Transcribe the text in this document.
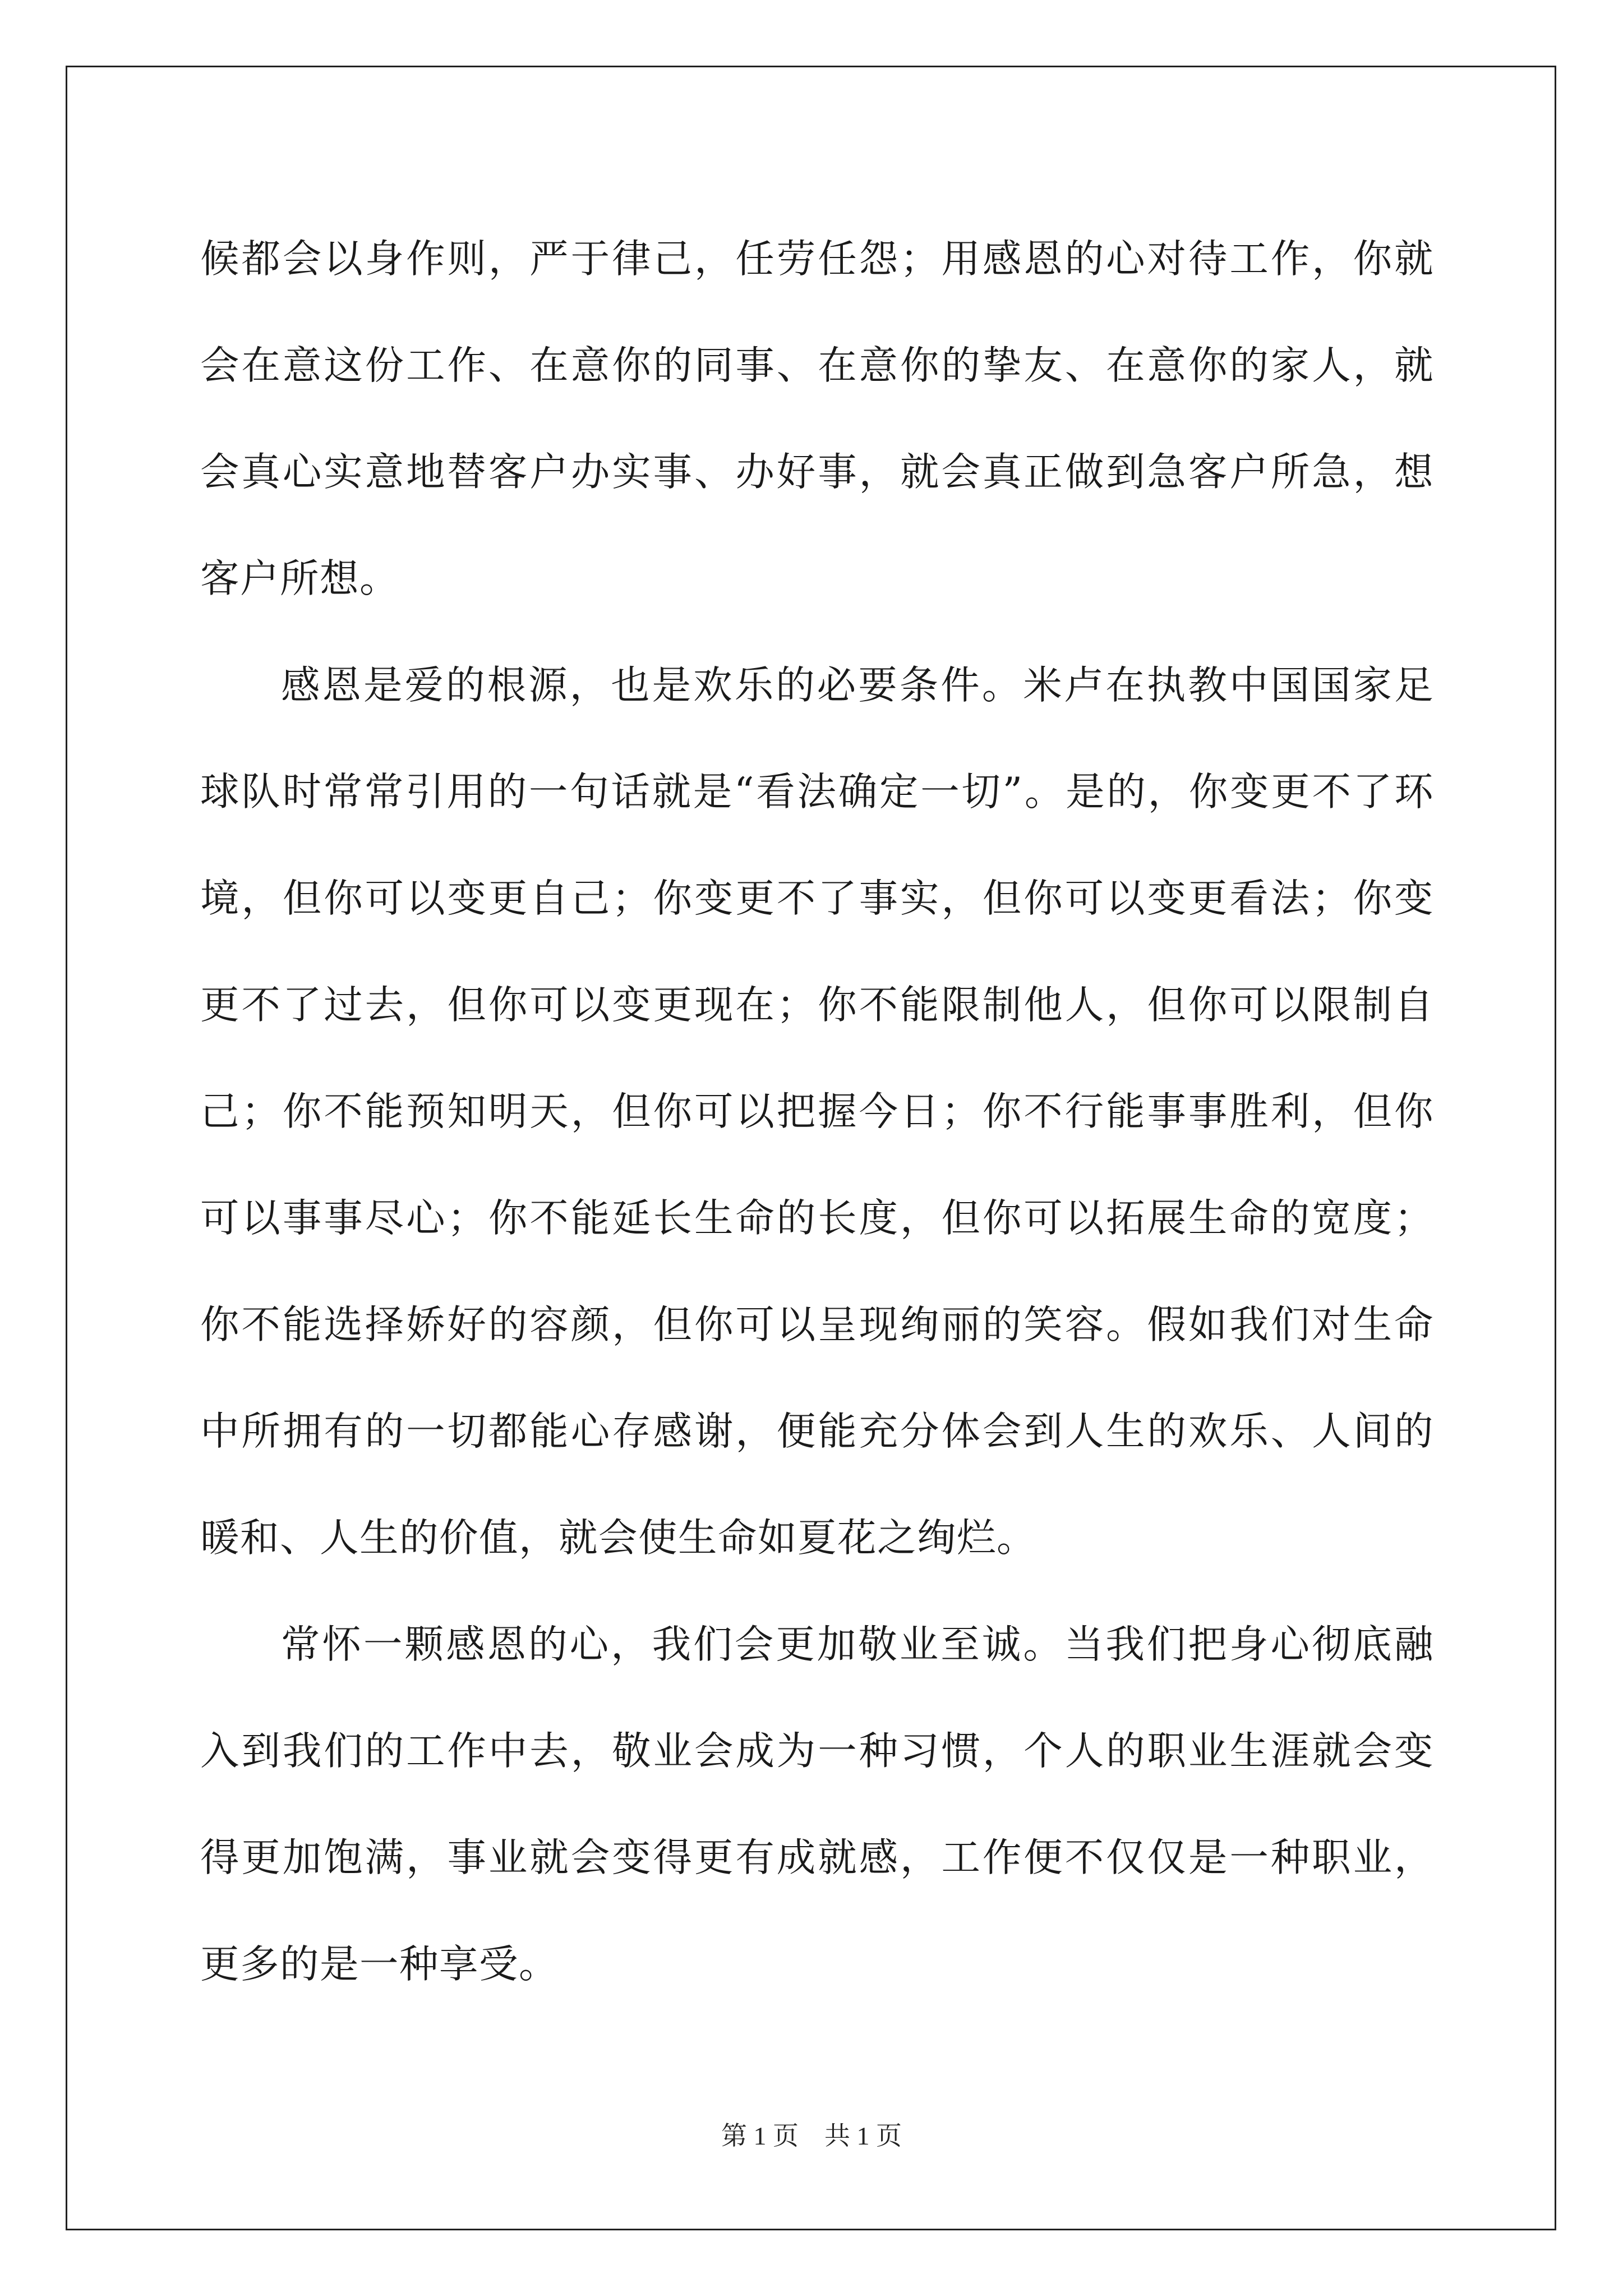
候都会以身作则，严于律己，任劳任怨；用感恩的心对待工作，你就会在意这份工作、在意你的同事、在意你的挚友、在意你的家人，就会真心实意地替客户办实事、办好事，就会真正做到急客户所急，想客户所想。

感恩是爱的根源，也是欢乐的必要条件。米卢在执教中国国家足球队时常常引用的一句话就是“看法确定一切”。是的，你变更不了环境，但你可以变更自己；你变更不了事实，但你可以变更看法；你变更不了过去，但你可以变更现在；你不能限制他人，但你可以限制自己；你不能预知明天，但你可以把握今日；你不行能事事胜利，但你可以事事尽心；你不能延长生命的长度，但你可以拓展生命的宽度；你不能选择娇好的容颜，但你可以呈现绚丽的笑容。假如我们对生命中所拥有的一切都能心存感谢，便能充分体会到人生的欢乐、人间的暖和、人生的价值，就会使生命如夏花之绚烂。

常怀一颗感恩的心，我们会更加敬业至诚。当我们把身心彻底融入到我们的工作中去，敬业会成为一种习惯，个人的职业生涯就会变得更加饱满，事业就会变得更有成就感，工作便不仅仅是一种职业，更多的是一种享受。

第 1 页　共 1 页
